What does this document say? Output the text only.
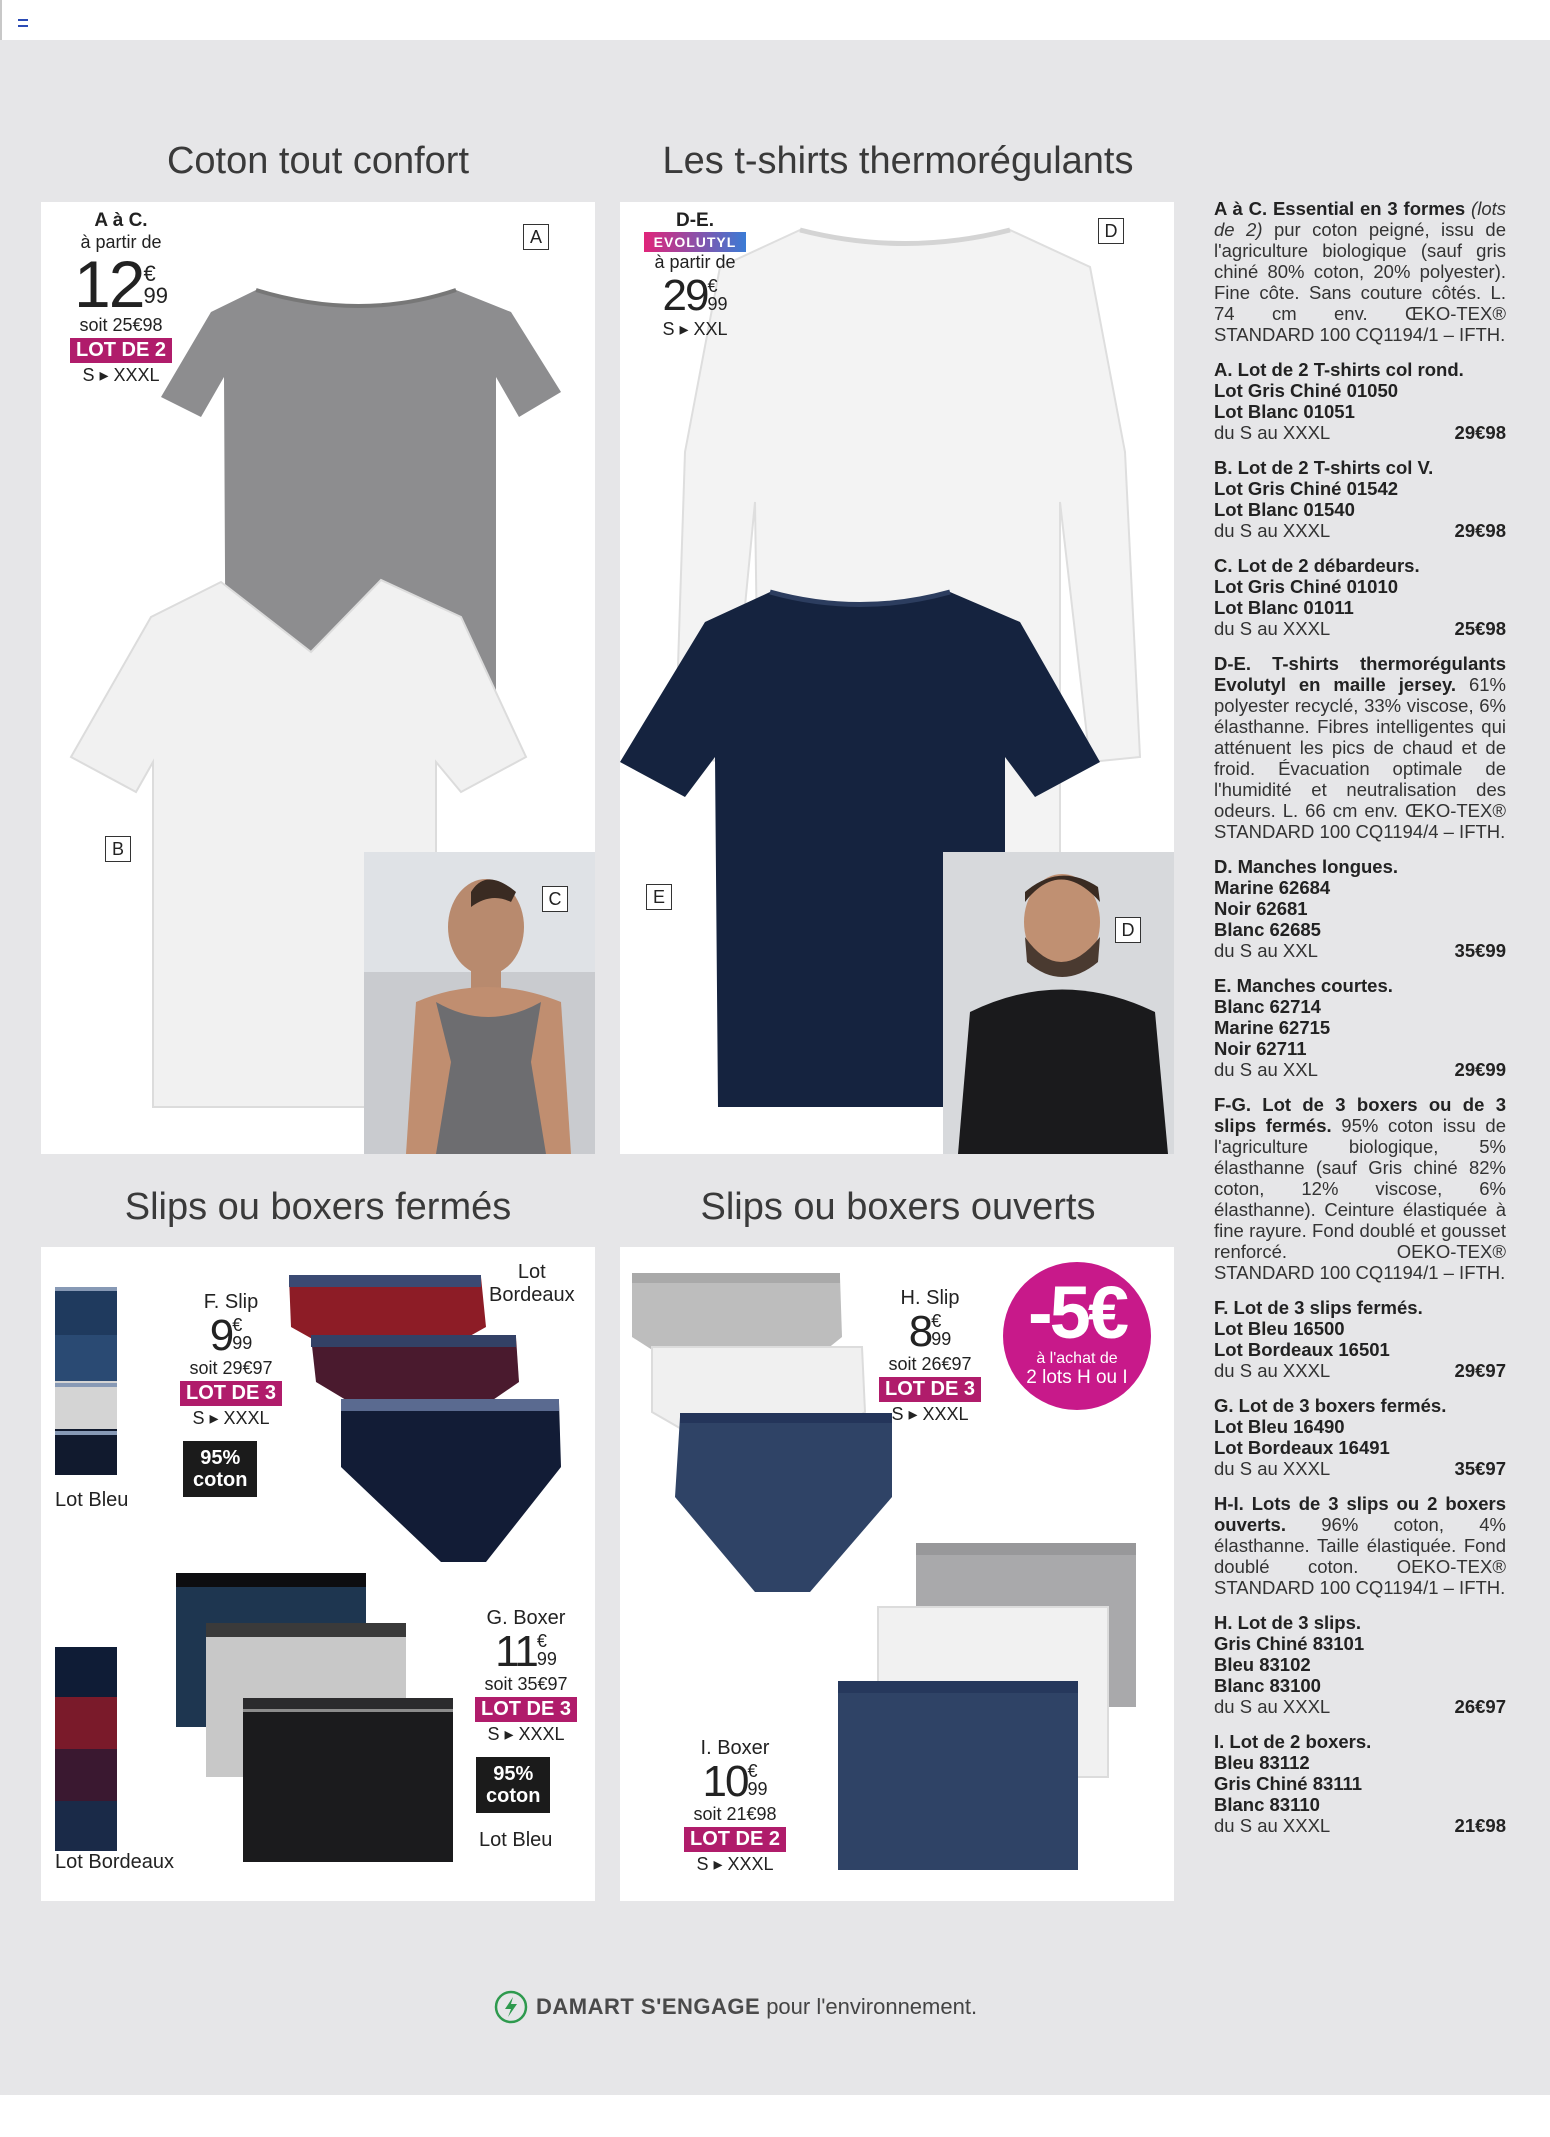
Coton tout confort	Les t-shirts thermorégulants
Slips ou boxers fermés	Slips ou boxers ouverts
A
B
C
A à C.
à partir de
12 €
99
soit 25€98
LOT DE 2
S ▸ XXXL
D
E
D
D-E.
EVOLUTYL
à partir de
29 €
99
S ▸ XXL
F. Slip
9 €
99
soit 29€97
LOT DE 3
S ▸ XXXL
95%
coton
Lot
Bordeaux
Lot Bleu
G. Boxer
11 €
99
soit 35€97
LOT DE 3
S ▸ XXXL
95%
coton
Lot Bleu
Lot Bordeaux
H. Slip
8 €
99
soit 26€97
LOT DE 3
S ▸ XXXL
I. Boxer
10 €
99
soit 21€98
LOT DE 2
S ▸ XXXL
-5€
à l'achat de
2 lots H ou I
A à C. Essential en 3 formes (lots de 2) pur coton peigné, issu de l'agriculture biologique (sauf gris chiné 80% coton, 20% polyester). Fine côte. Sans couture côtés. L. 74 cm env. ŒKO-TEX® STANDARD 100 CQ1194/1 – IFTH.
A. Lot de 2 T-shirts col rond.
Lot Gris Chiné 01050
Lot Blanc 01051
du S au XXXL	29€98
B. Lot de 2 T-shirts col V.
Lot Gris Chiné 01542
Lot Blanc 01540
du S au XXXL	29€98
C. Lot de 2 débardeurs.
Lot Gris Chiné 01010
Lot Blanc 01011
du S au XXXL	25€98
D-E. T-shirts thermorégulants Evolutyl en maille jersey. 61% polyester recyclé, 33% viscose, 6% élasthanne. Fibres intelligentes qui atténuent les pics de chaud et de froid. Évacuation optimale de l'humidité et neutralisation des odeurs. L. 66 cm env. ŒKO-TEX® STANDARD 100 CQ1194/4 – IFTH.
D. Manches longues.
Marine 62684
Noir 62681
Blanc 62685
du S au XXL	35€99
E. Manches courtes.
Blanc 62714
Marine 62715
Noir 62711
du S au XXL	29€99
F-G. Lot de 3 boxers ou de 3 slips fermés. 95% coton issu de l'agriculture biologique, 5% élasthanne (sauf Gris chiné 82% coton, 12% viscose, 6% élasthanne). Ceinture élastiquée à fine rayure. Fond doublé et gousset renforcé. OEKO-TEX® STANDARD 100 CQ1194/1 – IFTH.
F. Lot de 3 slips fermés.
Lot Bleu 16500
Lot Bordeaux 16501
du S au XXXL	29€97
G. Lot de 3 boxers fermés.
Lot Bleu 16490
Lot Bordeaux 16491
du S au XXXL	35€97
H-I. Lots de 3 slips ou 2 boxers ouverts. 96% coton, 4% élasthanne. Taille élastiquée. Fond doublé coton. OEKO-TEX® STANDARD 100 CQ1194/1 – IFTH.
H. Lot de 3 slips.
Gris Chiné 83101
Bleu 83102
Blanc 83100
du S au XXXL	26€97
I. Lot de 2 boxers.
Bleu 83112
Gris Chiné 83111
Blanc 83110
du S au XXXL	21€98
DAMART S'ENGAGE pour l'environnement.
